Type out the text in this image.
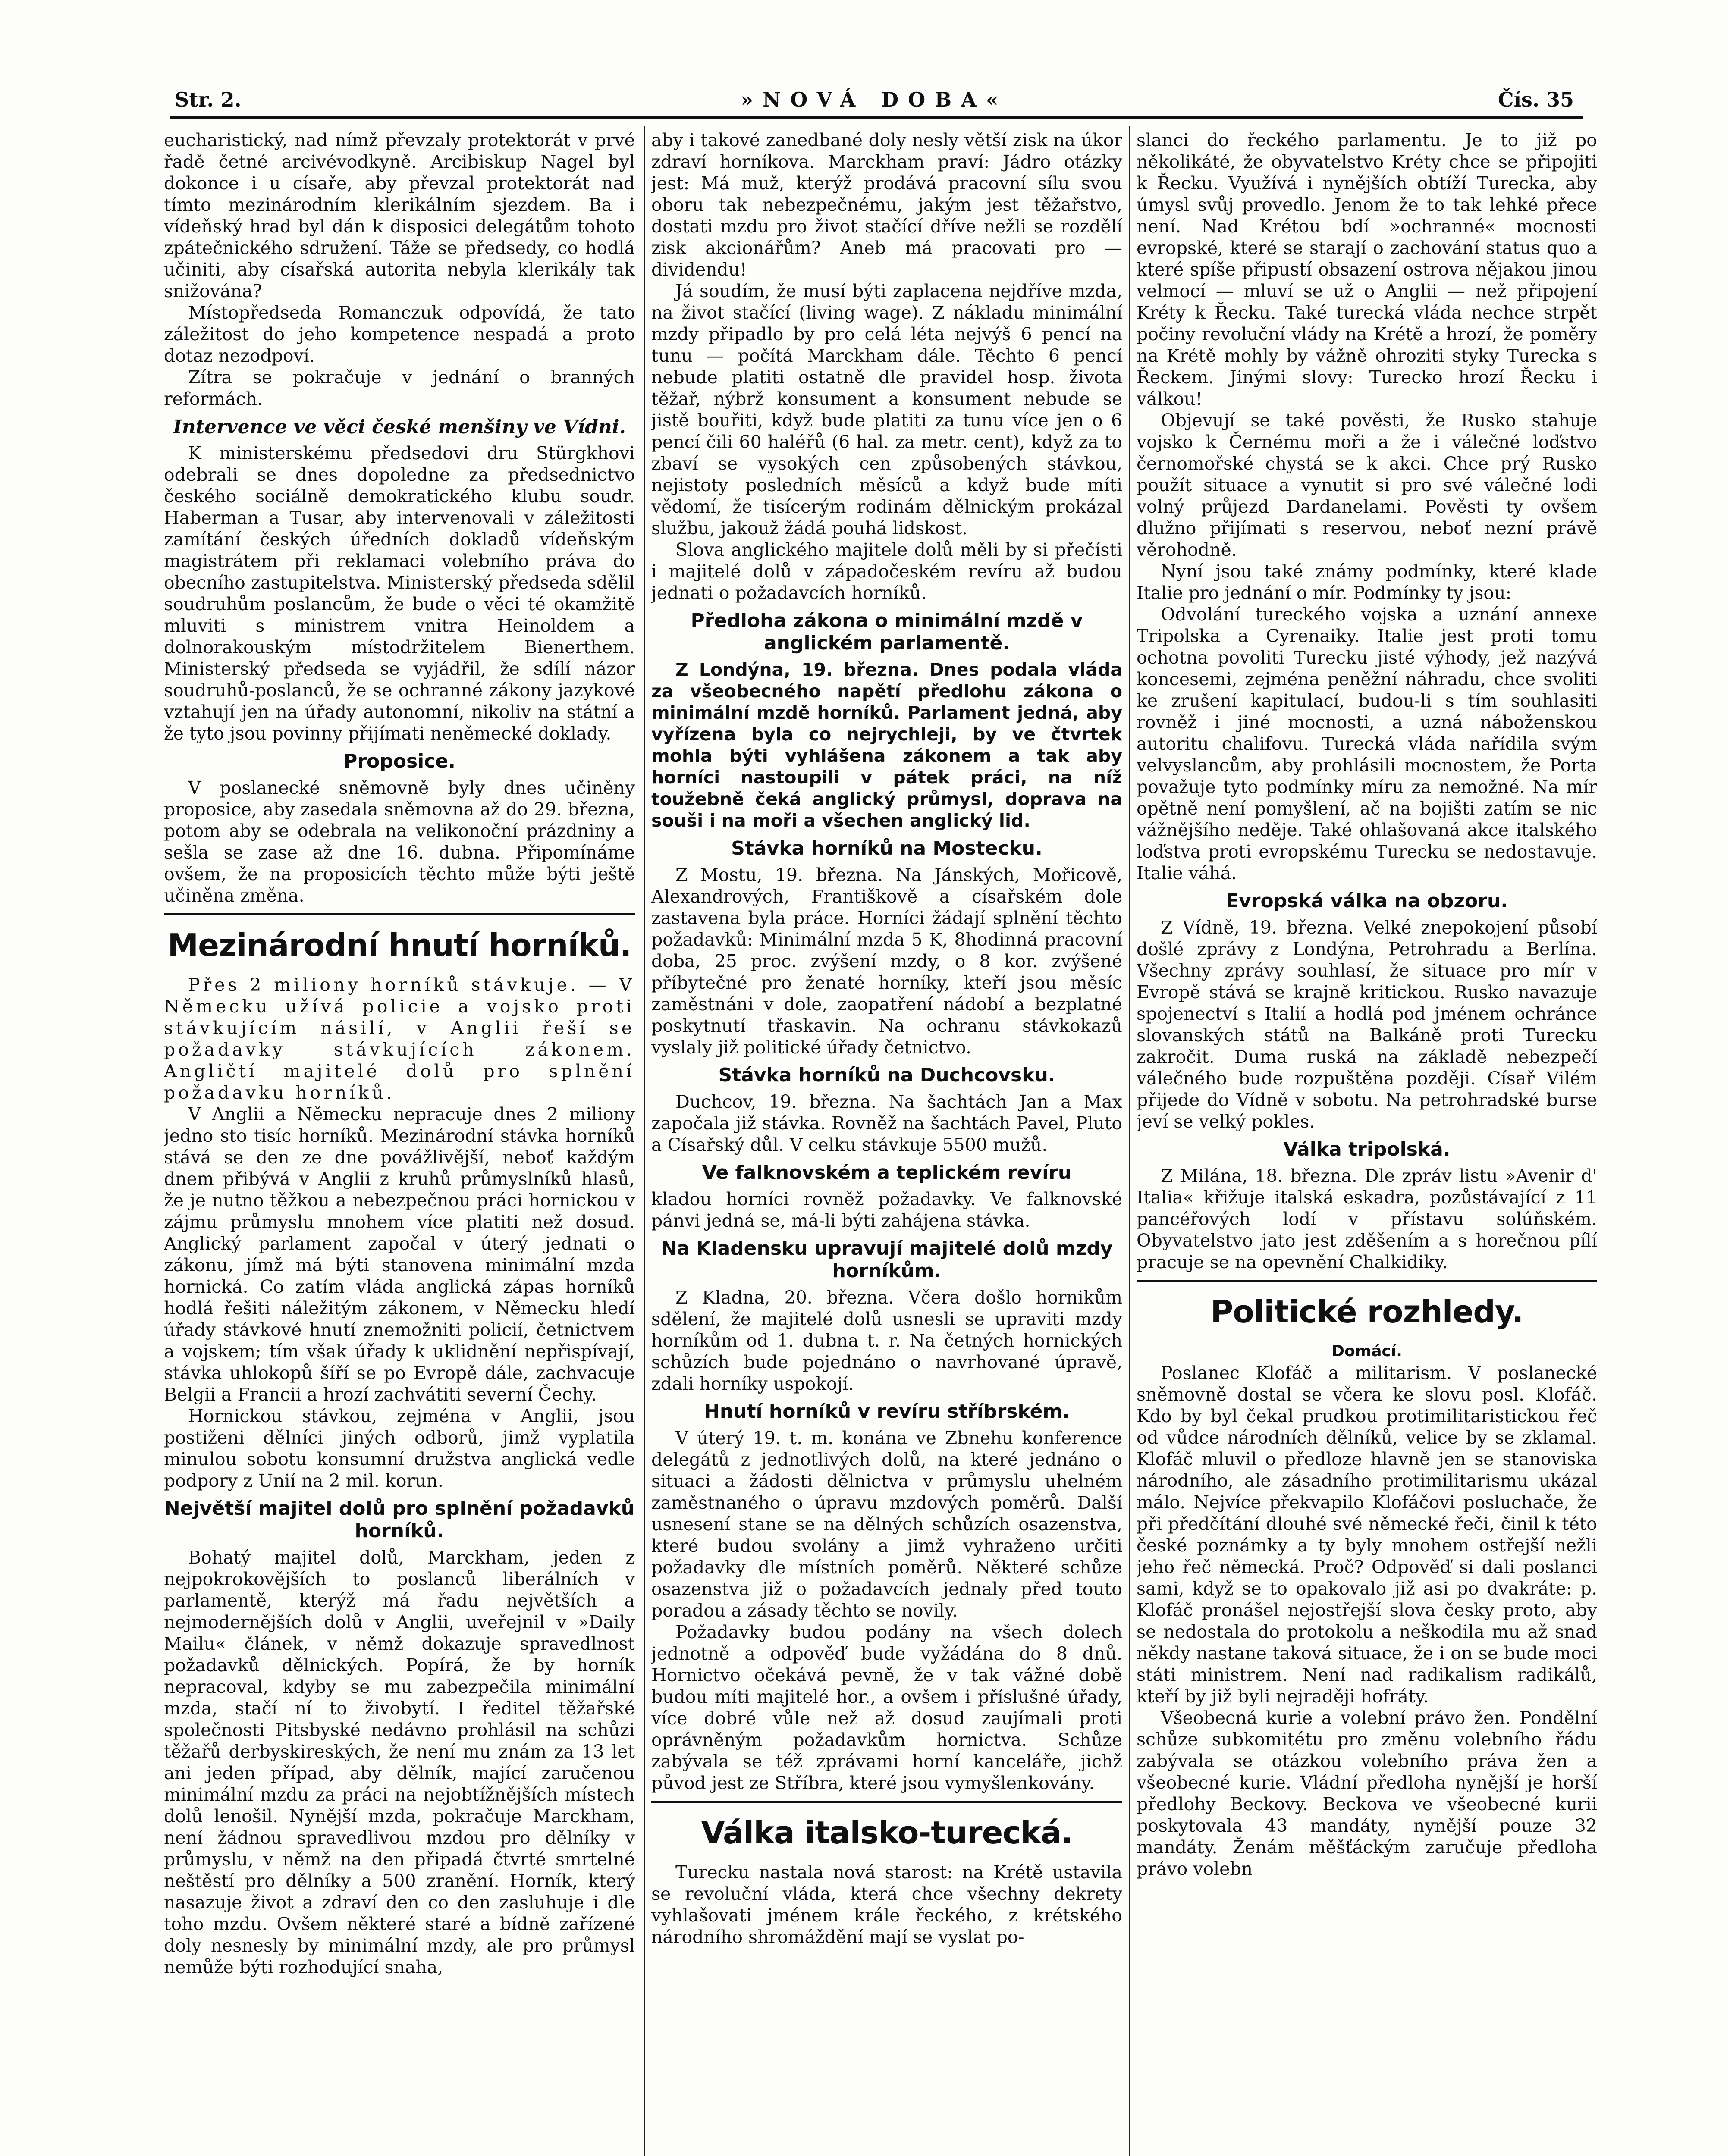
Str. 2.	»NOVÁ DOBA«	Čís. 35

eucharistický, nad nímž převzaly protektorát v prvé řadě četné arcivévodkyně. Arcibiskup Nagel byl dokonce i u císaře, aby převzal protektorát nad tímto mezinárodním klerikálním sjezdem. Ba i vídeňský hrad byl dán k disposici delegátům tohoto zpátečnického sdružení. Táže se předsedy, co hodlá učiniti, aby císařská autorita nebyla klerikály tak snižována?

Místopředseda Romanczuk odpovídá, že tato záležitost do jeho kompetence nespadá a proto dotaz nezodpoví.

Zítra se pokračuje v jednání o branných reformách.

Intervence ve věci české menšiny ve Vídni.

K ministerskému předsedovi dru Stürgkhovi odebrali se dnes dopoledne za předsednictvo českého sociálně demokratického klubu soudr. Haberman a Tusar, aby intervenovali v záležitosti zamítání českých úředních dokladů vídeňským magistrátem při reklamaci volebního práva do obecního zastupitelstva. Ministerský předseda sdělil soudruhům poslancům, že bude o věci té okamžitě mluviti s ministrem vnitra Heinoldem a dolnorakouským místodržitelem Bienerthem. Ministerský předseda se vyjádřil, že sdílí názor soudruhů-poslanců, že se ochranné zákony jazykové vztahují jen na úřady autonomní, nikoliv na státní a že tyto jsou povinny přijímati neněmecké doklady.

Proposice.

V poslanecké sněmovně byly dnes učiněny proposice, aby zasedala sněmovna až do 29. března, potom aby se odebrala na velikonoční prázdniny a sešla se zase až dne 16. dubna. Připomínáme ovšem, že na proposicích těchto může býti ještě učiněna změna.

Mezinárodní hnutí horníků.

Přes 2 miliony horníků stávkuje. — V Německu užívá policie a vojsko proti stávkujícím násilí, v Anglii řeší se požadavky stávkujících zákonem. Angličtí majitelé dolů pro splnění požadavku horníků.

V Anglii a Německu nepracuje dnes 2 miliony jedno sto tisíc horníků. Mezinárodní stávka horníků stává se den ze dne povážlivější, neboť každým dnem přibývá v Anglii z kruhů průmyslníků hlasů, že je nutno těžkou a nebezpečnou práci hornickou v zájmu průmyslu mnohem více platiti než dosud. Anglický parlament započal v úterý jednati o zákonu, jímž má býti stanovena minimální mzda hornická. Co zatím vláda anglická zápas horníků hodlá řešiti náležitým zákonem, v Německu hledí úřady stávkové hnutí znemožniti policií, četnictvem a vojskem; tím však úřady k uklidnění nepřispívají, stávka uhlokopů šíří se po Evropě dále, zachvacuje Belgii a Francii a hrozí zachvátiti severní Čechy.

Hornickou stávkou, zejména v Anglii, jsou postiženi dělníci jiných odborů, jimž vyplatila minulou sobotu konsumní družstva anglická vedle podpory z Unií na 2 mil. korun.

Největší majitel dolů pro splnění požadavků horníků.

Bohatý majitel dolů, Marckham, jeden z nejpokrokovějších to poslanců liberálních v parlamentě, kterýž má řadu největších a nejmodernějších dolů v Anglii, uveřejnil v »Daily Mailu« článek, v němž dokazuje spravedlnost požadavků dělnických. Popírá, že by horník nepracoval, kdyby se mu zabezpečila minimální mzda, stačí ní to živobytí. I ředitel těžařské společnosti Pitsbyské nedávno prohlásil na schůzi těžařů derbyskireských, že není mu znám za 13 let ani jeden případ, aby dělník, mající zaručenou minimální mzdu za práci na nejobtížnějších místech dolů lenošil. Nynější mzda, pokračuje Marckham, není žádnou spravedlivou mzdou pro dělníky v průmyslu, v němž na den připadá čtvrté smrtelné neštěstí pro dělníky a 500 zranění. Horník, který nasazuje život a zdraví den co den zasluhuje i dle toho mzdu. Ovšem některé staré a bídně zařízené doly nesnesly by minimální mzdy, ale pro průmysl nemůže býti rozhodující snaha,

aby i takové zanedbané doly nesly větší zisk na úkor zdraví horníkova. Marckham praví: Jádro otázky jest: Má muž, kterýž prodává pracovní sílu svou oboru tak nebezpečnému, jakým jest těžařstvo, dostati mzdu pro život stačící dříve nežli se rozdělí zisk akcionářům? Aneb má pracovati pro — dividendu!

Já soudím, že musí býti zaplacena nejdříve mzda, na život stačící (living wage). Z nákladu minimální mzdy připadlo by pro celá léta nejvýš 6 pencí na tunu — počítá Marckham dále. Těchto 6 pencí nebude platiti ostatně dle pravidel hosp. života těžař, nýbrž konsument a konsument nebude se jistě bouřiti, když bude platiti za tunu více jen o 6 pencí čili 60 haléřů (6 hal. za metr. cent), když za to zbaví se vysokých cen způsobených stávkou, nejistoty posledních měsíců a když bude míti vědomí, že tisícerým rodinám dělnickým prokázal službu, jakouž žádá pouhá lidskost.

Slova anglického majitele dolů měli by si přečísti i majitelé dolů v západočeském revíru až budou jednati o požadavcích horníků.

Předloha zákona o minimální mzdě v anglickém parlamentě.

Z Londýna, 19. března. Dnes podala vláda za všeobecného napětí předlohu zákona o minimální mzdě horníků. Parlament jedná, aby vyřízena byla co nejrychleji, by ve čtvrtek mohla býti vyhlášena zákonem a tak aby horníci nastoupili v pátek práci, na níž toužebně čeká anglický průmysl, doprava na souši i na moři a všechen anglický lid.

Stávka horníků na Mostecku.

Z Mostu, 19. března. Na Jánských, Mořicově, Alexandrových, Františkově a císařském dole zastavena byla práce. Horníci žádají splnění těchto požadavků: Minimální mzda 5 K, 8hodinná pracovní doba, 25 proc. zvýšení mzdy, o 8 kor. zvýšené příbytečné pro ženaté horníky, kteří jsou měsíc zaměstnáni v dole, zaopatření nádobí a bezplatné poskytnutí třaskavin. Na ochranu stávkokazů vyslaly již politické úřady četnictvo.

Stávka horníků na Duchcovsku.

Duchcov, 19. března. Na šachtách Jan a Max započala již stávka. Rovněž na šachtách Pavel, Pluto a Císařský důl. V celku stávkuje 5500 mužů.

Ve falknovském a teplickém revíru

kladou horníci rovněž požadavky. Ve falknovské pánvi jedná se, má-li býti zahájena stávka.

Na Kladensku upravují majitelé dolů mzdy horníkům.

Z Kladna, 20. března. Včera došlo hornikům sdělení, že majitelé dolů usnesli se upraviti mzdy horníkům od 1. dubna t. r. Na četných hornických schůzích bude pojednáno o navrhované úpravě, zdali horníky uspokojí.

Hnutí horníků v revíru stříbrském.

V úterý 19. t. m. konána ve Zbnehu konference delegátů z jednotlivých dolů, na které jednáno o situaci a žádosti dělnictva v průmyslu uhelném zaměstnaného o úpravu mzdových poměrů. Další usnesení stane se na dělných schůzích osazenstva, které budou svolány a jimž vyhraženo určiti požadavky dle místních poměrů. Některé schůze osazenstva již o požadavcích jednaly před touto poradou a zásady těchto se novily.

Požadavky budou podány na všech dolech jednotně a odpověď bude vyžádána do 8 dnů. Hornictvo očekává pevně, že v tak vážné době budou míti majitelé hor., a ovšem i příslušné úřady, více dobré vůle než až dosud zaujímali proti oprávněným požadavkům hornictva. Schůze zabývala se též zprávami horní kanceláře, jichž původ jest ze Stříbra, které jsou vymyšlenkovány.

Válka italsko-turecká.

Turecku nastala nová starost: na Krétě ustavila se revoluční vláda, která chce všechny dekrety vyhlašovati jménem krále řeckého, z krétského národního shromáždění mají se vyslat po-

slanci do řeckého parlamentu. Je to již po několikáté, že obyvatelstvo Kréty chce se připojiti k Řecku. Využívá i nynějších obtíží Turecka, aby úmysl svůj provedlo. Jenom že to tak lehké přece není. Nad Krétou bdí »ochranné« mocnosti evropské, které se starají o zachování status quo a které spíše připustí obsazení ostrova nějakou jinou velmocí — mluví se už o Anglii — než připojení Kréty k Řecku. Také turecká vláda nechce strpět počiny revoluční vlády na Krétě a hrozí, že poměry na Krétě mohly by vážně ohroziti styky Turecka s Řeckem. Jinými slovy: Turecko hrozí Řecku i válkou!

Objevují se také pověsti, že Rusko stahuje vojsko k Černému moři a že i válečné loďstvo černomořské chystá se k akci. Chce prý Rusko použít situace a vynutit si pro své válečné lodi volný průjezd Dardanelami. Pověsti ty ovšem dlužno přijímati s reservou, neboť nezní právě věrohodně.

Nyní jsou také známy podmínky, které klade Italie pro jednání o mír. Podmínky ty jsou:

Odvolání tureckého vojska a uznání annexe Tripolska a Cyrenaiky. Italie jest proti tomu ochotna povoliti Turecku jisté výhody, jež nazývá koncesemi, zejména peněžní náhradu, chce svoliti ke zrušení kapitulací, budou-li s tím souhlasiti rovněž i jiné mocnosti, a uzná náboženskou autoritu chalifovu. Turecká vláda nařídila svým velvyslancům, aby prohlásili mocnostem, že Porta považuje tyto podmínky míru za nemožné. Na mír opětně není pomyšlení, ač na bojišti zatím se nic vážnějšího neděje. Také ohlašovaná akce italského loďstva proti evropskému Turecku se nedostavuje. Italie váhá.

Evropská válka na obzoru.

Z Vídně, 19. března. Velké znepokojení působí došlé zprávy z Londýna, Petrohradu a Berlína. Všechny zprávy souhlasí, že situace pro mír v Evropě stává se krajně kritickou. Rusko navazuje spojenectví s Italií a hodlá pod jménem ochránce slovanských států na Balkáně proti Turecku zakročit. Duma ruská na základě nebezpečí válečného bude rozpuštěna později. Císař Vilém přijede do Vídně v sobotu. Na petrohradské burse jeví se velký pokles.

Válka tripolská.

Z Milána, 18. března. Dle zpráv listu »Avenir d' Italia« křižuje italská eskadra, pozůstávající z 11 pancéřových lodí v přístavu solúňském. Obyvatelstvo jato jest zděšením a s horečnou pílí pracuje se na opevnění Chalkidiky.

Politické rozhledy.
Domácí.

Poslanec Klofáč a militarism. V poslanecké sněmovně dostal se včera ke slovu posl. Klofáč. Kdo by byl čekal prudkou protimilitaristickou řeč od vůdce národních dělníků, velice by se zklamal. Klofáč mluvil o předloze hlavně jen se stanoviska národního, ale zásadního protimilitarismu ukázal málo. Nejvíce překvapilo Klofáčovi posluchače, že při předčítání dlouhé své německé řeči, činil k této české poznámky a ty byly mnohem ostřejší nežli jeho řeč německá. Proč? Odpověď si dali poslanci sami, když se to opakovalo již asi po dvakráte: p. Klofáč pronášel nejostřejší slova česky proto, aby se nedostala do protokolu a neškodila mu až snad někdy nastane taková situace, že i on se bude moci státi ministrem. Není nad radikalism radikálů, kteří by již byli nejraději hofráty.

Všeobecná kurie a volební právo žen. Pondělní schůze subkomitétu pro změnu volebního řádu zabývala se otázkou volebního práva žen a všeobecné kurie. Vládní předloha nynější je horší předlohy Beckovy. Beckova ve všeobecné kurii poskytovala 43 mandáty, nynější pouze 32 mandáty. Ženám měšťáckým zaručuje předloha právo volebn
